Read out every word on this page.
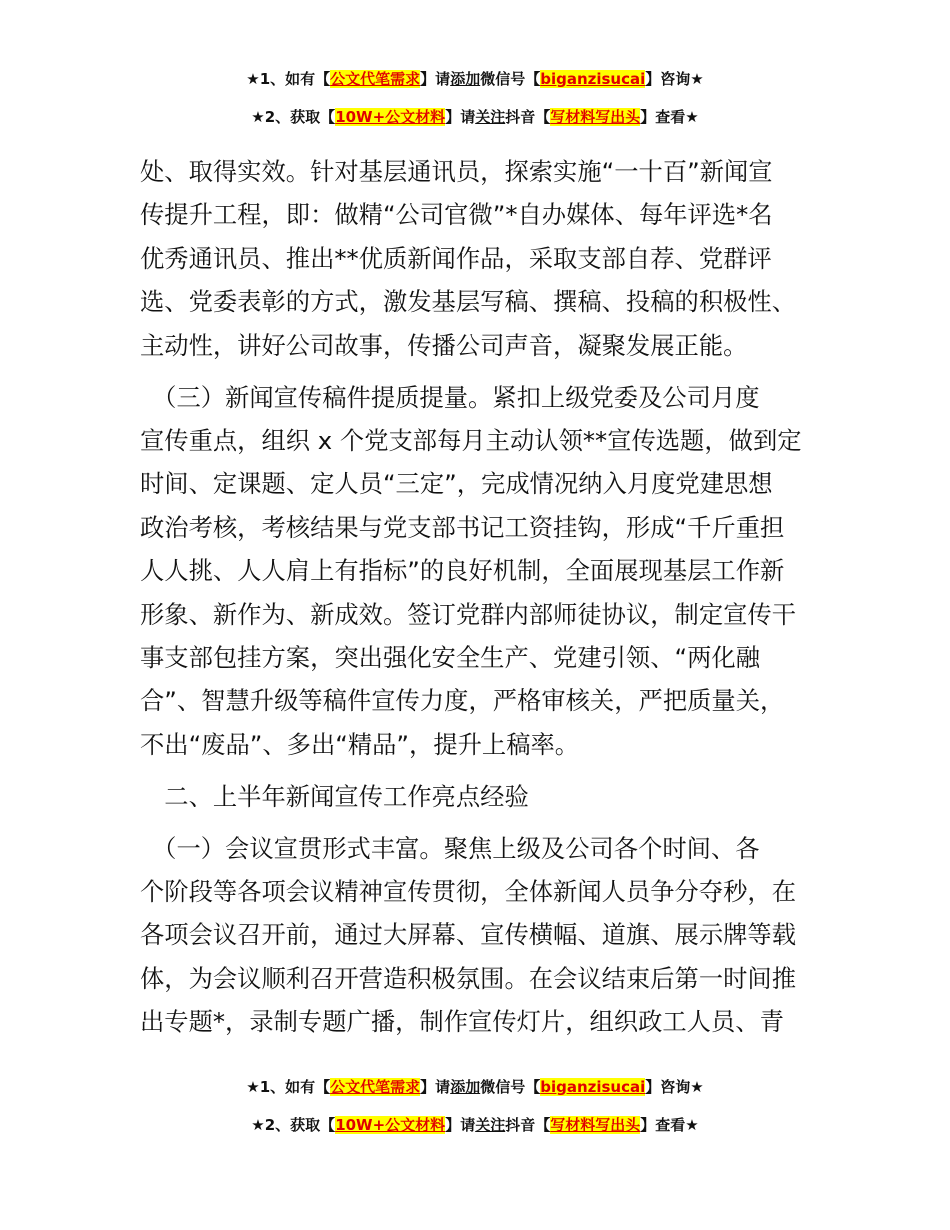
★1、如有【公文代笔需求】请添加微信号【biganzisucai】咨询★
★2、获取【10W+公文材料】请关注抖音【写材料写出头】查看★
处、取得实效。针对基层通讯员，探索实施“一十百”新闻宣
传提升工程，即：做精“公司官微”*自办媒体、每年评选*名
优秀通讯员、推出**优质新闻作品，采取支部自荐、党群评
选、党委表彰的方式，激发基层写稿、撰稿、投稿的积极性、
主动性，讲好公司故事，传播公司声音，凝聚发展正能。
　（三）新闻宣传稿件提质提量。紧扣上级党委及公司月度
宣传重点，组织 x 个党支部每月主动认领**宣传选题，做到定
时间、定课题、定人员“三定”，完成情况纳入月度党建思想
政治考核，考核结果与党支部书记工资挂钩，形成“千斤重担
人人挑、人人肩上有指标”的良好机制，全面展现基层工作新
形象、新作为、新成效。签订党群内部师徒协议，制定宣传干
事支部包挂方案，突出强化安全生产、党建引领、“两化融
合”、智慧升级等稿件宣传力度，严格审核关，严把质量关，
不出“废品”、多出“精品”，提升上稿率。
　二、上半年新闻宣传工作亮点经验
　（一）会议宣贯形式丰富。聚焦上级及公司各个时间、各
个阶段等各项会议精神宣传贯彻，全体新闻人员争分夺秒，在
各项会议召开前，通过大屏幕、宣传横幅、道旗、展示牌等载
体，为会议顺利召开营造积极氛围。在会议结束后第一时间推
出专题*，录制专题广播，制作宣传灯片，组织政工人员、青
★1、如有【公文代笔需求】请添加微信号【biganzisucai】咨询★
★2、获取【10W+公文材料】请关注抖音【写材料写出头】查看★
